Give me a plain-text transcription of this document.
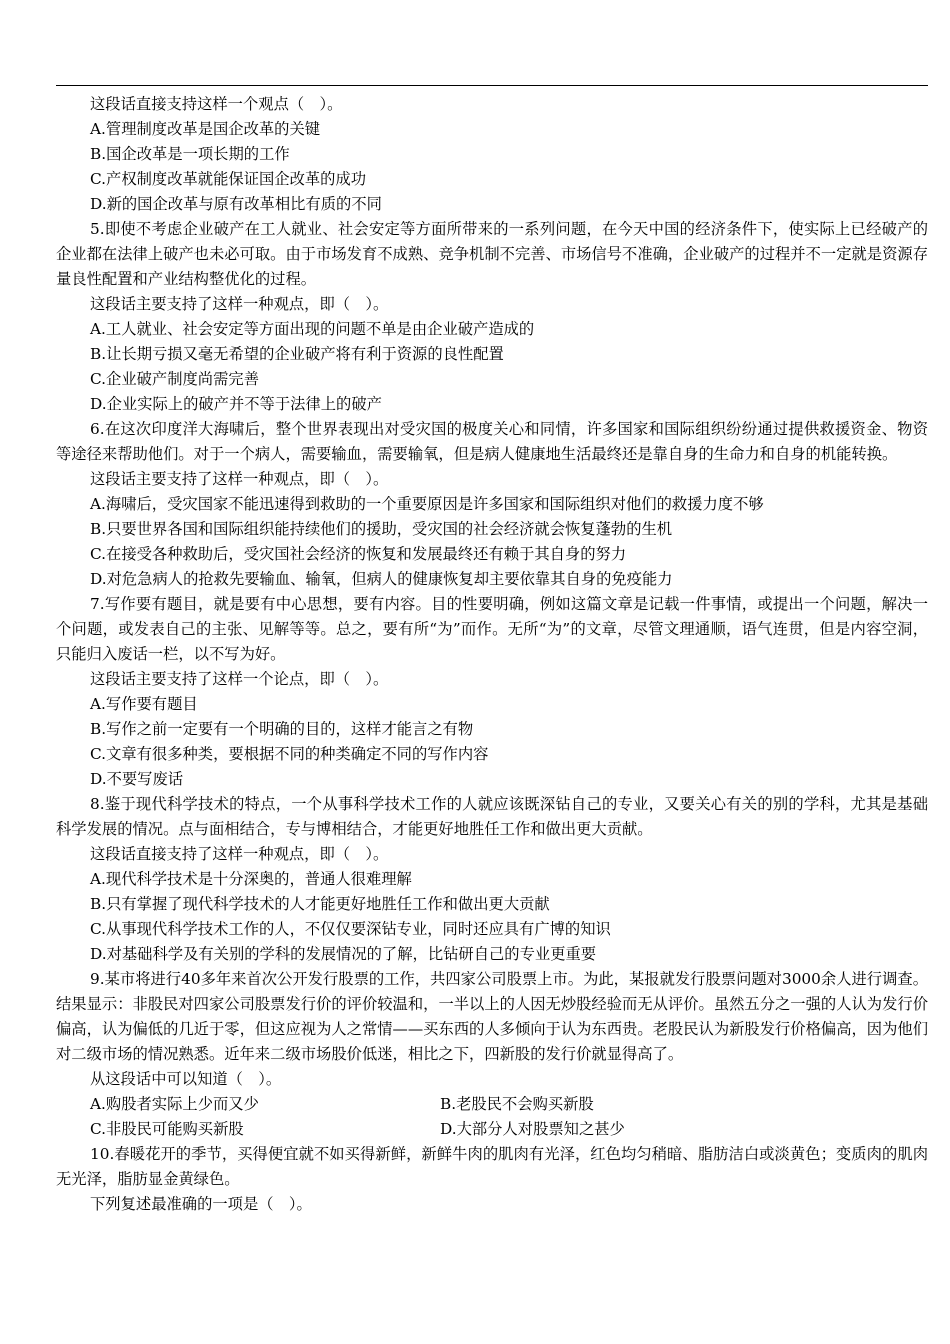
这段话直接支持这样一个观点（　）。
A.管理制度改革是国企改革的关键
B.国企改革是一项长期的工作
C.产权制度改革就能保证国企改革的成功
D.新的国企改革与原有改革相比有质的不同
5.即使不考虑企业破产在工人就业、社会安定等方面所带来的一系列问题，在今天中国的经济条件下，使实际上已经破产的企业都在法律上破产也未必可取。由于市场发育不成熟、竞争机制不完善、市场信号不准确，企业破产的过程并不一定就是资源存量良性配置和产业结构整优化的过程。
这段话主要支持了这样一种观点，即（　）。
A.工人就业、社会安定等方面出现的问题不单是由企业破产造成的
B.让长期亏损又毫无希望的企业破产将有利于资源的良性配置
C.企业破产制度尚需完善
D.企业实际上的破产并不等于法律上的破产
6.在这次印度洋大海啸后，整个世界表现出对受灾国的极度关心和同情，许多国家和国际组织纷纷通过提供救援资金、物资等途径来帮助他们。对于一个病人，需要输血，需要输氧，但是病人健康地生活最终还是靠自身的生命力和自身的机能转换。
这段话主要支持了这样一种观点，即（　）。
A.海啸后，受灾国家不能迅速得到救助的一个重要原因是许多国家和国际组织对他们的救援力度不够
B.只要世界各国和国际组织能持续他们的援助，受灾国的社会经济就会恢复蓬勃的生机
C.在接受各种救助后，受灾国社会经济的恢复和发展最终还有赖于其自身的努力
D.对危急病人的抢救先要输血、输氧，但病人的健康恢复却主要依靠其自身的免疫能力
7.写作要有题目，就是要有中心思想，要有内容。目的性要明确，例如这篇文章是记载一件事情，或提出一个问题，解决一个问题，或发表自己的主张、见解等等。总之，要有所“为”而作。无所“为”的文章，尽管文理通顺，语气连贯，但是内容空洞，只能归入废话一栏，以不写为好。
这段话主要支持了这样一个论点，即（　）。
A.写作要有题目
B.写作之前一定要有一个明确的目的，这样才能言之有物
C.文章有很多种类，要根据不同的种类确定不同的写作内容
D.不要写废话
8.鉴于现代科学技术的特点，一个从事科学技术工作的人就应该既深钻自己的专业，又要关心有关的别的学科，尤其是基础科学发展的情况。点与面相结合，专与博相结合，才能更好地胜任工作和做出更大贡献。
这段话直接支持了这样一种观点，即（　）。
A.现代科学技术是十分深奥的，普通人很难理解
B.只有掌握了现代科学技术的人才能更好地胜任工作和做出更大贡献
C.从事现代科学技术工作的人，不仅仅要深钻专业，同时还应具有广博的知识
D.对基础科学及有关别的学科的发展情况的了解，比钻研自己的专业更重要
9.某市将进行40多年来首次公开发行股票的工作，共四家公司股票上市。为此，某报就发行股票问题对3000余人进行调查。结果显示：非股民对四家公司股票发行价的评价较温和，一半以上的人因无炒股经验而无从评价。虽然五分之一强的人认为发行价偏高，认为偏低的几近于零，但这应视为人之常情——买东西的人多倾向于认为东西贵。老股民认为新股发行价格偏高，因为他们对二级市场的情况熟悉。近年来二级市场股价低迷，相比之下，四新股的发行价就显得高了。
从这段话中可以知道（　）。
A.购股者实际上少而又少	B.老股民不会购买新股
C.非股民可能购买新股	D.大部分人对股票知之甚少
10.春暖花开的季节，买得便宜就不如买得新鲜，新鲜牛肉的肌肉有光泽，红色均匀稍暗、脂肪洁白或淡黄色；变质肉的肌肉无光泽，脂肪显金黄绿色。
下列复述最准确的一项是（　）。
